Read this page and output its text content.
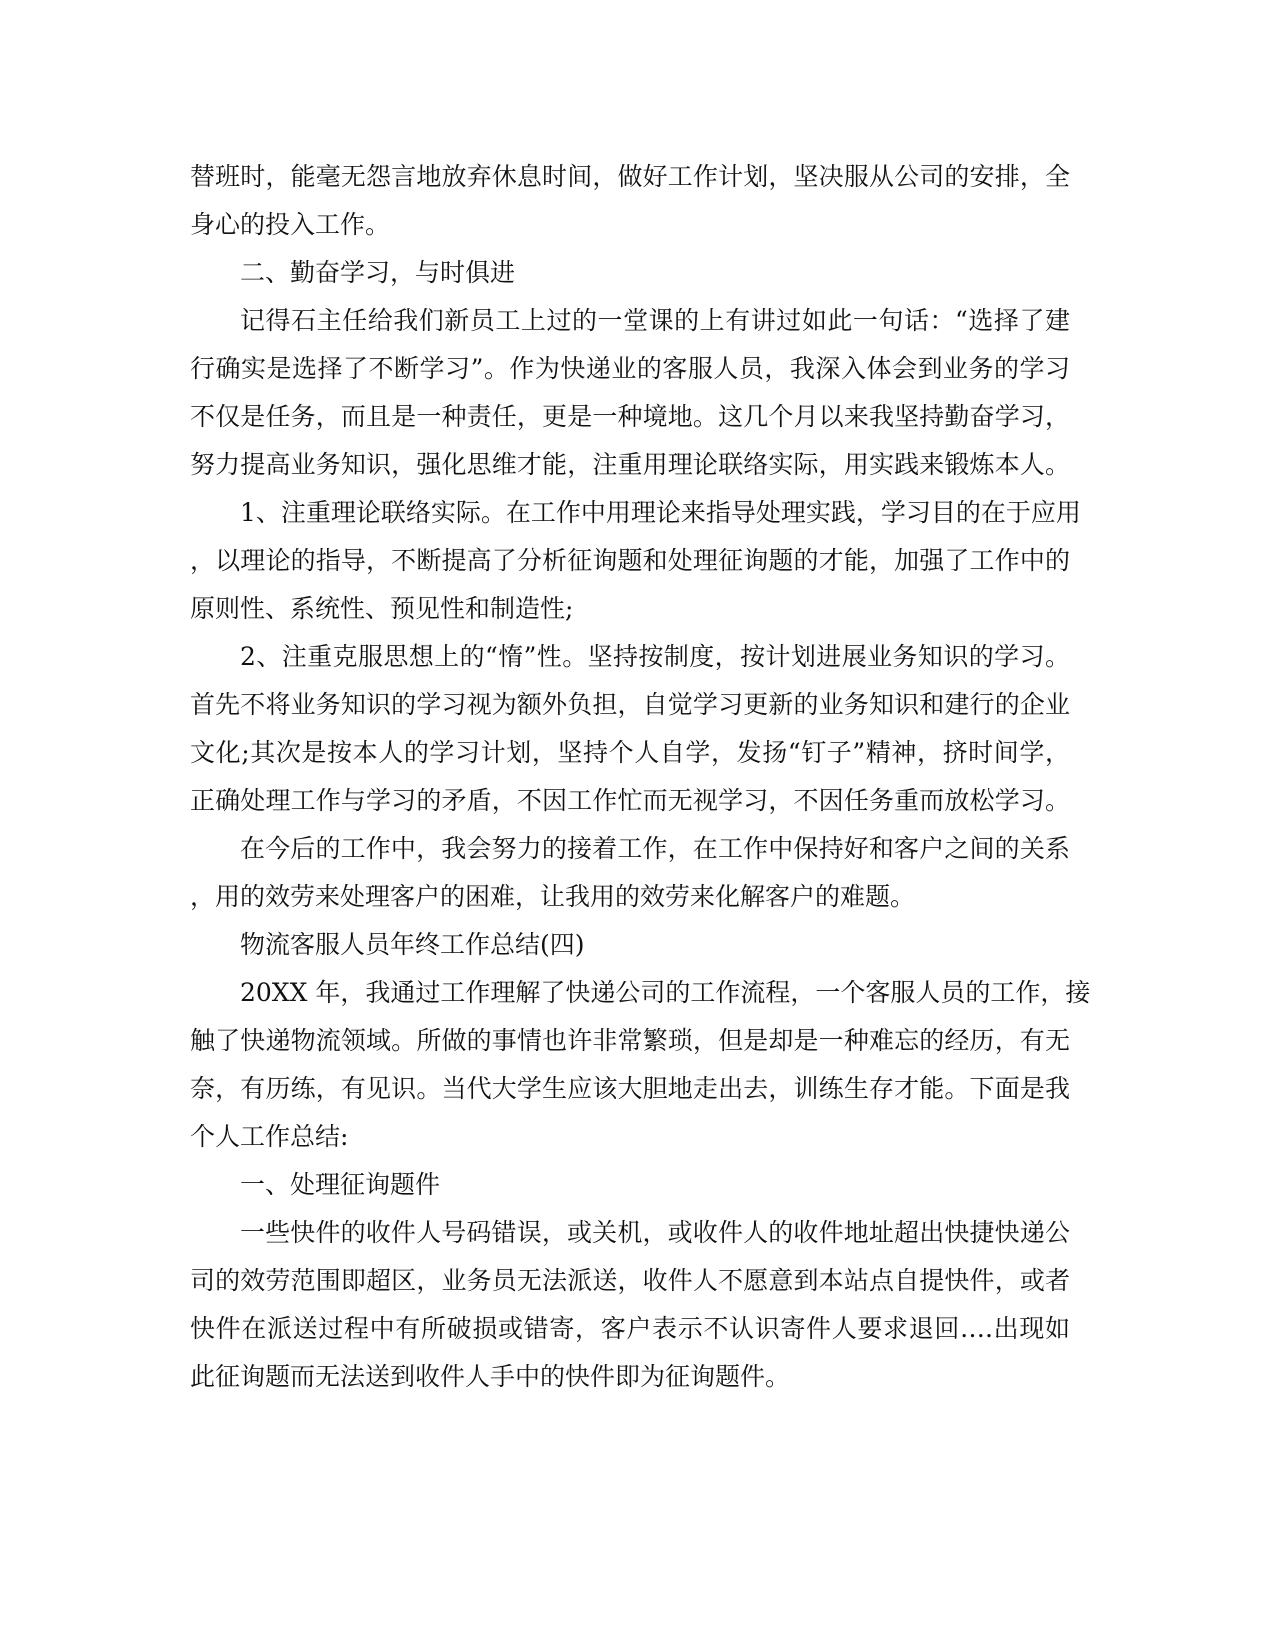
替班时，能毫无怨言地放弃休息时间，做好工作计划，坚决服从公司的安排，全
身心的投入工作。
二、勤奋学习，与时俱进
记得石主任给我们新员工上过的一堂课的上有讲过如此一句话：“选择了建
行确实是选择了不断学习”。作为快递业的客服人员，我深入体会到业务的学习
不仅是任务，而且是一种责任，更是一种境地。这几个月以来我坚持勤奋学习，
努力提高业务知识，强化思维才能，注重用理论联络实际，用实践来锻炼本人。
1、注重理论联络实际。在工作中用理论来指导处理实践，学习目的在于应用
，以理论的指导，不断提高了分析征询题和处理征询题的才能，加强了工作中的
原则性、系统性、预见性和制造性;
2、注重克服思想上的“惰”性。坚持按制度，按计划进展业务知识的学习。
首先不将业务知识的学习视为额外负担，自觉学习更新的业务知识和建行的企业
文化;其次是按本人的学习计划，坚持个人自学，发扬“钉子”精神，挤时间学，
正确处理工作与学习的矛盾，不因工作忙而无视学习，不因任务重而放松学习。
在今后的工作中，我会努力的接着工作，在工作中保持好和客户之间的关系
，用的效劳来处理客户的困难，让我用的效劳来化解客户的难题。
物流客服人员年终工作总结(四)
20XX 年，我通过工作理解了快递公司的工作流程，一个客服人员的工作，接
触了快递物流领域。所做的事情也许非常繁琐，但是却是一种难忘的经历，有无
奈，有历练，有见识。当代大学生应该大胆地走出去，训练生存才能。下面是我
个人工作总结:
一、处理征询题件
一些快件的收件人号码错误，或关机，或收件人的收件地址超出快捷快递公
司的效劳范围即超区，业务员无法派送，收件人不愿意到本站点自提快件，或者
快件在派送过程中有所破损或错寄，客户表示不认识寄件人要求退回….出现如
此征询题而无法送到收件人手中的快件即为征询题件。
